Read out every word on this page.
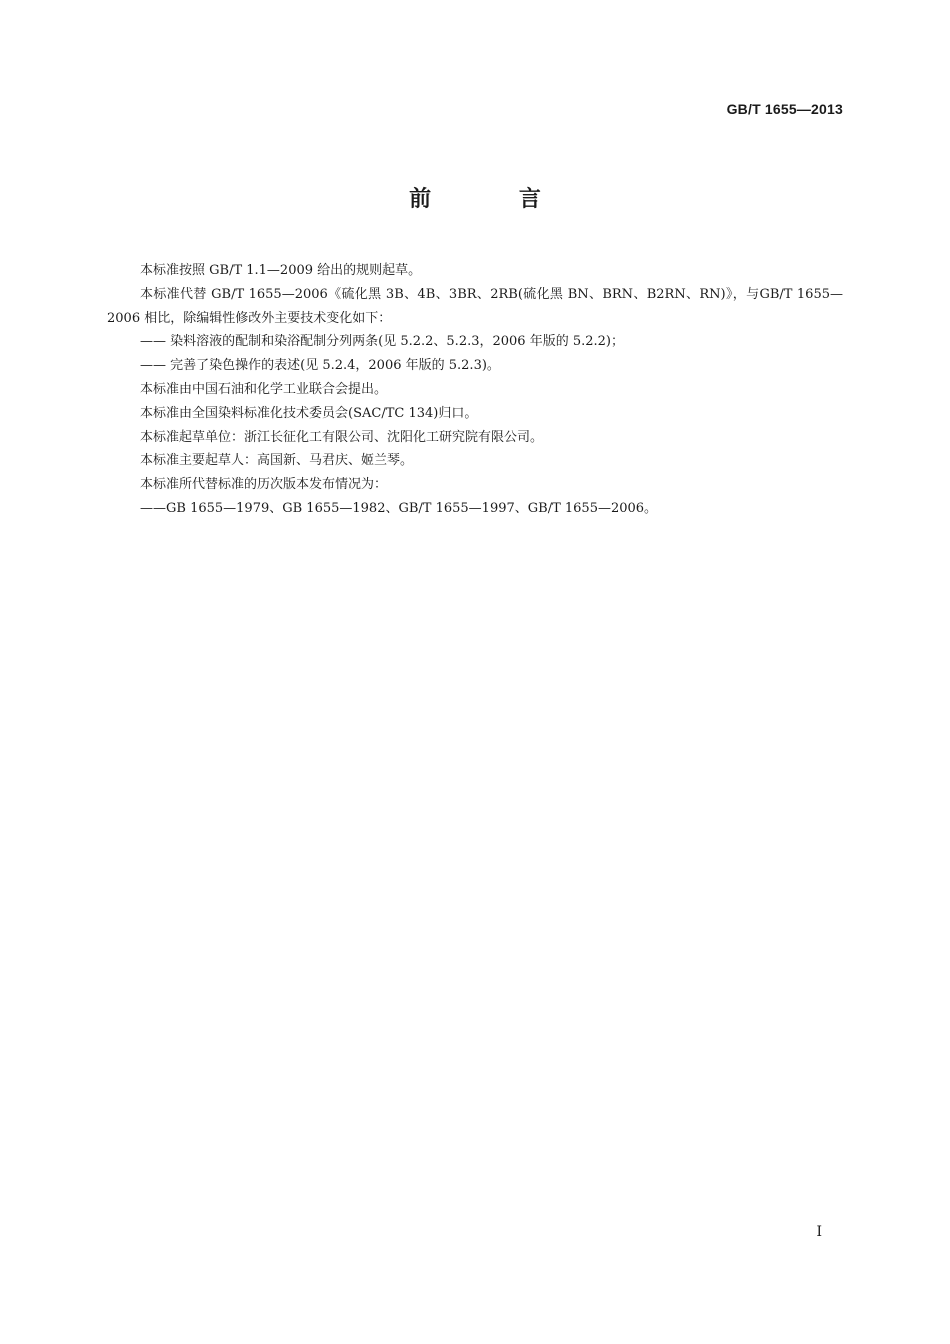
GB/T 1655—2013
前 言

本标准按照 GB/T 1.1—2009 给出的规则起草。

本标准代替 GB/T 1655—2006《硫化黑 3B、4B、3BR、2RB(硫化黑 BN、BRN、B2RN、RN)》，与GB/T 1655—2006 相比，除编辑性修改外主要技术变化如下：

—— 染料溶液的配制和染浴配制分列两条(见 5.2.2、5.2.3，2006 年版的 5.2.2)；

—— 完善了染色操作的表述(见 5.2.4，2006 年版的 5.2.3)。

本标准由中国石油和化学工业联合会提出。

本标准由全国染料标准化技术委员会(SAC/TC 134)归口。

本标准起草单位：浙江长征化工有限公司、沈阳化工研究院有限公司。

本标准主要起草人：高国新、马君庆、姬兰琴。

本标准所代替标准的历次版本发布情况为：

——GB 1655—1979、GB 1655—1982、GB/T 1655—1997、GB/T 1655—2006。

I
